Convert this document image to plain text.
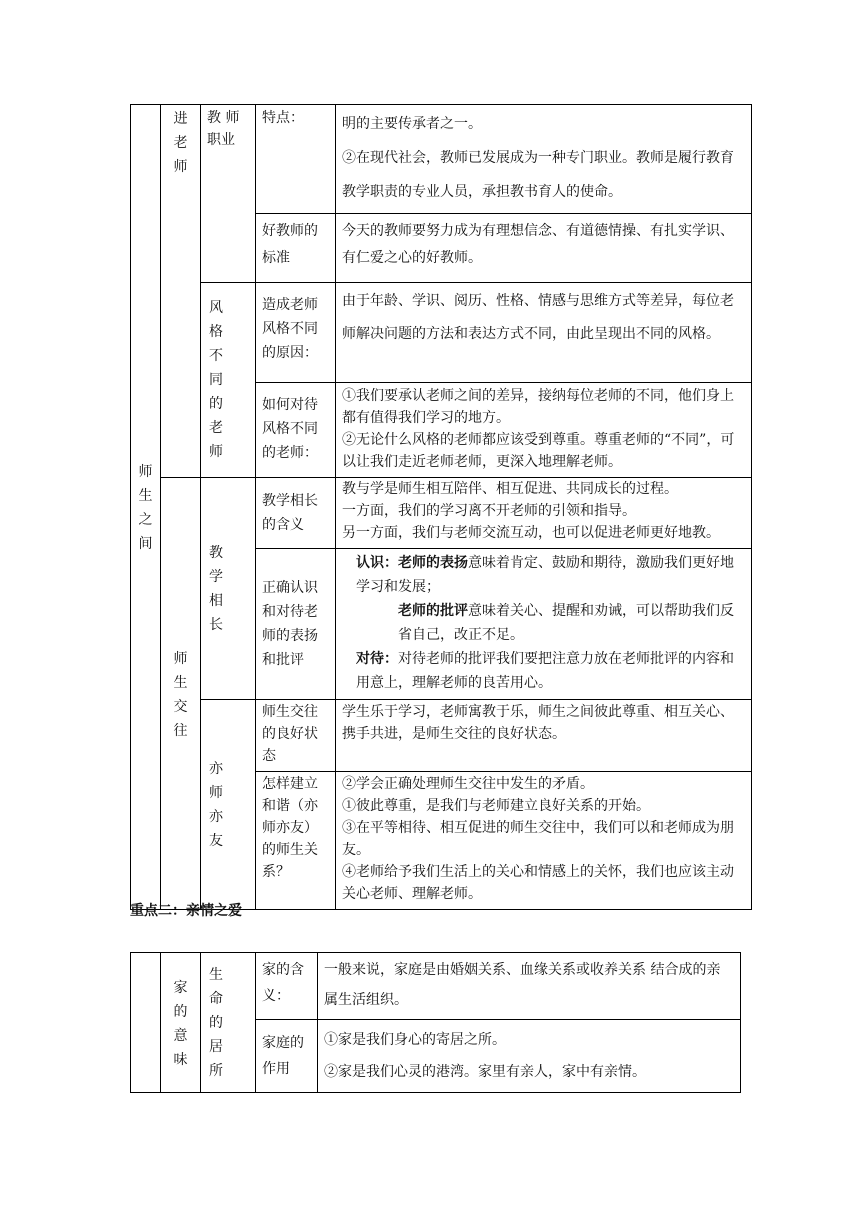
师生之间	进老师	教 师 职业	特点：	明的主要传承者之一。

②在现代社会，教师已发展成为一种专门职业。教师是履行教育教学职责的专业人员，承担教书育人的使命。

			好教师的标准	今天的教师要努力成为有理想信念、有道德情操、有扎实学识、有仁爱之心的好教师。

		风 格 不 同 的 老 师	造成老师风格不同的原因：	由于年龄、学识、阅历、性格、情感与思维方式等差异，每位老师解决问题的方法和表达方式不同，由此呈现出不同的风格。

			如何对待风格不同的老师：	①我们要承认老师之间的差异，接纳每位老师的不同，他们身上都有值得我们学习的地方。

②无论什么风格的老师都应该受到尊重。尊重老师的“不同”，可以让我们走近老师老师，更深入地理解老师。

	师生交往	教 学 相长	教学相长的含义	教与学是师生相互陪伴、相互促进、共同成长的过程。

一方面，我们的学习离不开老师的引领和指导。

另一方面，我们与老师交流互动，也可以促进老师更好地教。

			正确认识和对待老师的表扬和批评	认识：老师的表扬意味着肯定、鼓励和期待，激励我们更好地学习和发展；

老师的批评意味着关心、提醒和劝诫，可以帮助我们反省自己，改正不足。

对待：对待老师的批评我们要把注意力放在老师批评的内容和用意上，理解老师的良苦用心。

		亦 师 亦友	师生交往的良好状态	学生乐于学习，老师寓教于乐，师生之间彼此尊重、相互关心、携手共进，是师生交往的良好状态。

			怎样建立和谐（亦师亦友）的师生关系？	②学会正确处理师生交往中发生的矛盾。

①彼此尊重，是我们与老师建立良好关系的开始。

③在平等相待、相互促进的师生交往中，我们可以和老师成为朋友。

④老师给予我们生活上的关心和情感上的关怀，我们也应该主动关心老师、理解老师。

重点二：亲情之爱

	家的意味	生 命 的 居所	家的含义：	一般来说，家庭是由婚姻关系、血缘关系或收养关系 结合成的亲属生活组织。

			家庭的作用	①家是我们身心的寄居之所。

②家是我们心灵的港湾。家里有亲人，家中有亲情。
